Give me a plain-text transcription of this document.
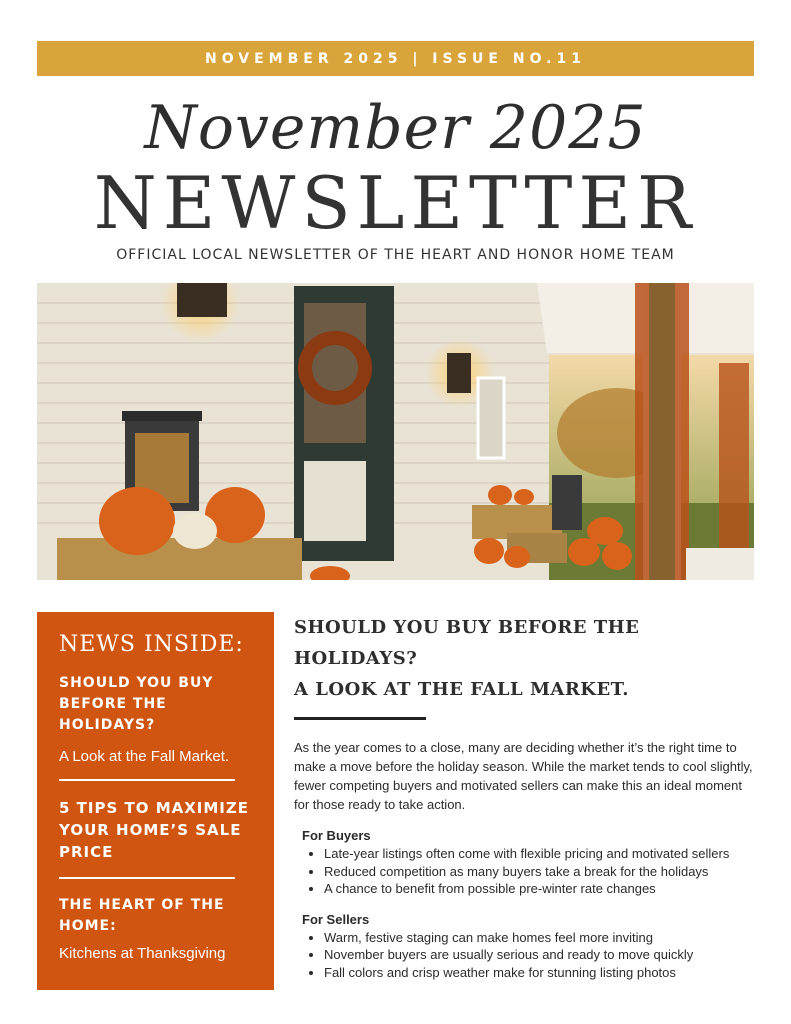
NOVEMBER 2025 | ISSUE NO.11
November 2025
NEWSLETTER
OFFICIAL LOCAL NEWSLETTER OF THE HEART AND HONOR HOME TEAM
NEWS INSIDE:
SHOULD YOU BUY BEFORE THE HOLIDAYS?
A Look at the Fall Market.
5 TIPS TO MAXIMIZE YOUR HOME’S SALE PRICE
THE HEART OF THE HOME:
Kitchens at Thanksgiving
SHOULD YOU BUY BEFORE THE HOLIDAYS?
A LOOK AT THE FALL MARKET.

As the year comes to a close, many are deciding whether it’s the right time to make a move before the holiday season. While the market tends to cool slightly, fewer competing buyers and motivated sellers can make this an ideal moment for those ready to take action.

For Buyers
• Late-year listings often come with flexible pricing and motivated sellers
• Reduced competition as many buyers take a break for the holidays
• A chance to benefit from possible pre-winter rate changes
For Sellers
• Warm, festive staging can make homes feel more inviting
• November buyers are usually serious and ready to move quickly
• Fall colors and crisp weather make for stunning listing photos
